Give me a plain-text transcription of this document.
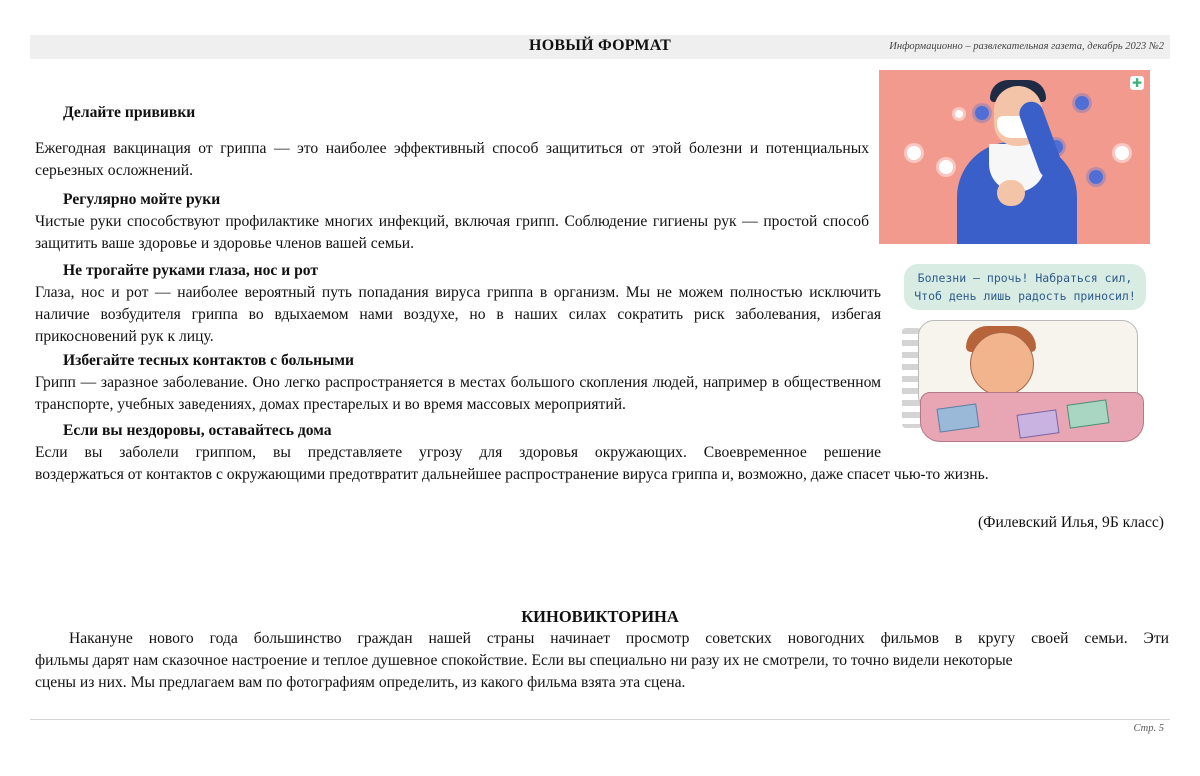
НОВЫЙ ФОРМАТ	Информационно – развлекательная газета, декабрь 2023 №2
Делайте прививки
Ежегодная вакцинация от гриппа — это наиболее эффективный способ защититься от этой болезни и потенциальных серьезных осложнений.
Регулярно мойте руки
Чистые руки способствуют профилактике многих инфекций, включая грипп. Соблюдение гигиены рук — простой способ защитить ваше здоровье и здоровье членов вашей семьи.
Не трогайте руками глаза, нос и рот
Глаза, нос и рот — наиболее вероятный путь попадания вируса гриппа в организм. Мы не можем полностью исключить наличие возбудителя гриппа во вдыхаемом нами воздухе, но в наших силах сократить риск заболевания, избегая прикосновений рук к лицу.
Избегайте тесных контактов с больными
Грипп — заразное заболевание. Оно легко распространяется в местах большого скопления людей, например в общественном транспорте, учебных заведениях, домах престарелых и во время массовых мероприятий.
Если вы нездоровы, оставайтесь дома
Если вы заболели гриппом, вы представляете угрозу для здоровья окружающих. Своевременное решение
воздержаться от контактов с окружающими предотвратит дальнейшее распространение вируса гриппа и, возможно, даже спасет чью-то жизнь.
(Филевский Илья, 9Б класс)
✚
Болезни – прочь! Набраться сил,
Чтоб день лишь радость приносил!
КИНОВИКТОРИНА
Накануне нового года большинство граждан нашей страны начинает просмотр советских новогодних фильмов в кругу своей семьи. Эти
фильмы дарят нам сказочное настроение и теплое душевное спокойствие. Если вы специально ни разу их не смотрели, то точно видели некоторые
сцены из них. Мы предлагаем вам по фотографиям определить, из какого фильма взята эта сцена.
Стр. 5
